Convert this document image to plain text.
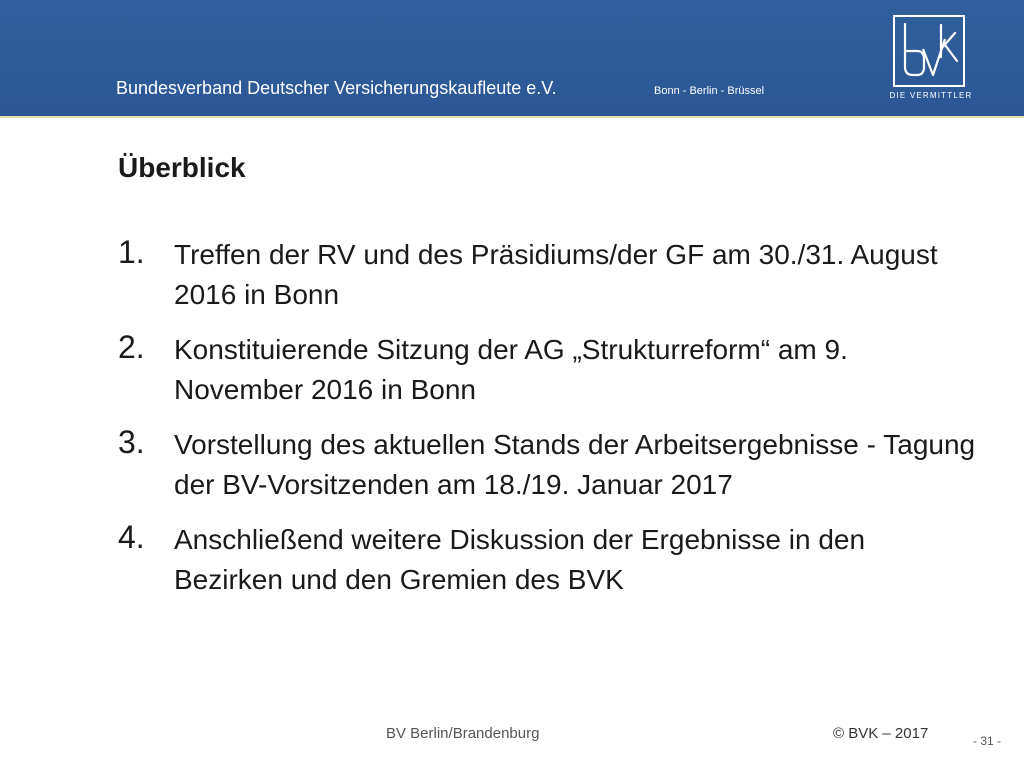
Bundesverband Deutscher Versicherungskaufleute e.V.	Bonn - Berlin - Brüssel	DIE VERMITTLER
Überblick
1.	Treffen der RV und des Präsidiums/der GF am 30./31. August 2016 in Bonn
2.	Konstituierende Sitzung der AG „Strukturreform“ am 9. November 2016 in Bonn
3.	Vorstellung des aktuellen Stands der Arbeitsergebnisse - Tagung der BV-Vorsitzenden am 18./19. Januar 2017
4.	Anschließend weitere Diskussion der Ergebnisse in den Bezirken und den Gremien des BVK
BV Berlin/Brandenburg	© BVK – 2017	- 31 -
